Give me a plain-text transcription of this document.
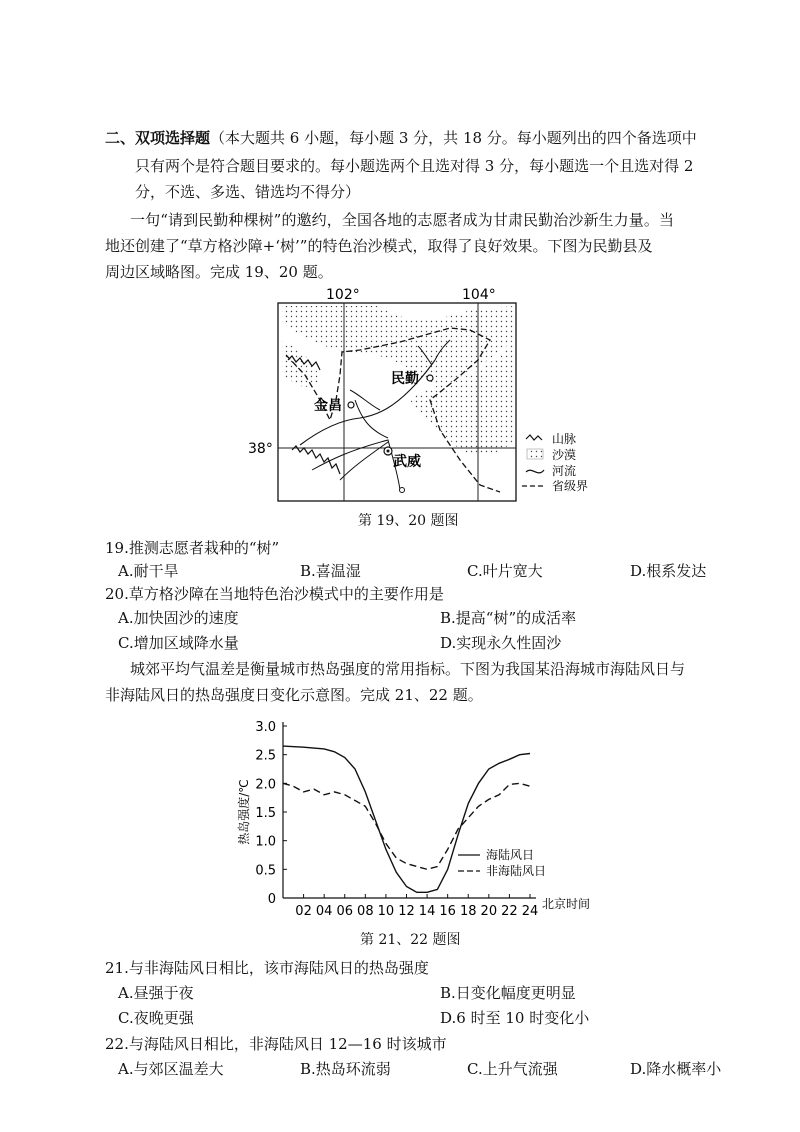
二、双项选择题（本大题共 6 小题，每小题 3 分，共 18 分。每小题列出的四个备选项中
只有两个是符合题目要求的。每小题选两个且选对得 3 分，每小题选一个且选对得 2
分，不选、多选、错选均不得分）
一句“请到民勤种棵树”的邀约，全国各地的志愿者成为甘肃民勤治沙新生力量。当
地还创建了“草方格沙障+‘树’”的特色治沙模式，取得了良好效果。下图为民勤县及
周边区域略图。完成 19、20 题。
102°	104°
38°
民勤
金昌
武威
山脉
沙漠
河流
省级界
第 19、20 题图
19.推测志愿者栽种的“树”
A.耐干旱	B.喜温湿	C.叶片宽大	D.根系发达
20.草方格沙障在当地特色治沙模式中的主要作用是
A.加快固沙的速度	B.提高“树”的成活率
C.增加区域降水量	D.实现永久性固沙
城郊平均气温差是衡量城市热岛强度的常用指标。下图为我国某沿海城市海陆风日与
非海陆风日的热岛强度日变化示意图。完成 21、22 题。
0
0.5
1.0
1.5
2.0
2.5
3.0
02 04 06 08 10 12 14 16 18 20 22 24 北京时间
热岛强度/℃
海陆风日
非海陆风日
第 21、22 题图
21.与非海陆风日相比，该市海陆风日的热岛强度
A.昼强于夜	B.日变化幅度更明显
C.夜晚更强	D.6 时至 10 时变化小
22.与海陆风日相比，非海陆风日 12—16 时该城市
A.与郊区温差大	B.热岛环流弱	C.上升气流强	D.降水概率小
